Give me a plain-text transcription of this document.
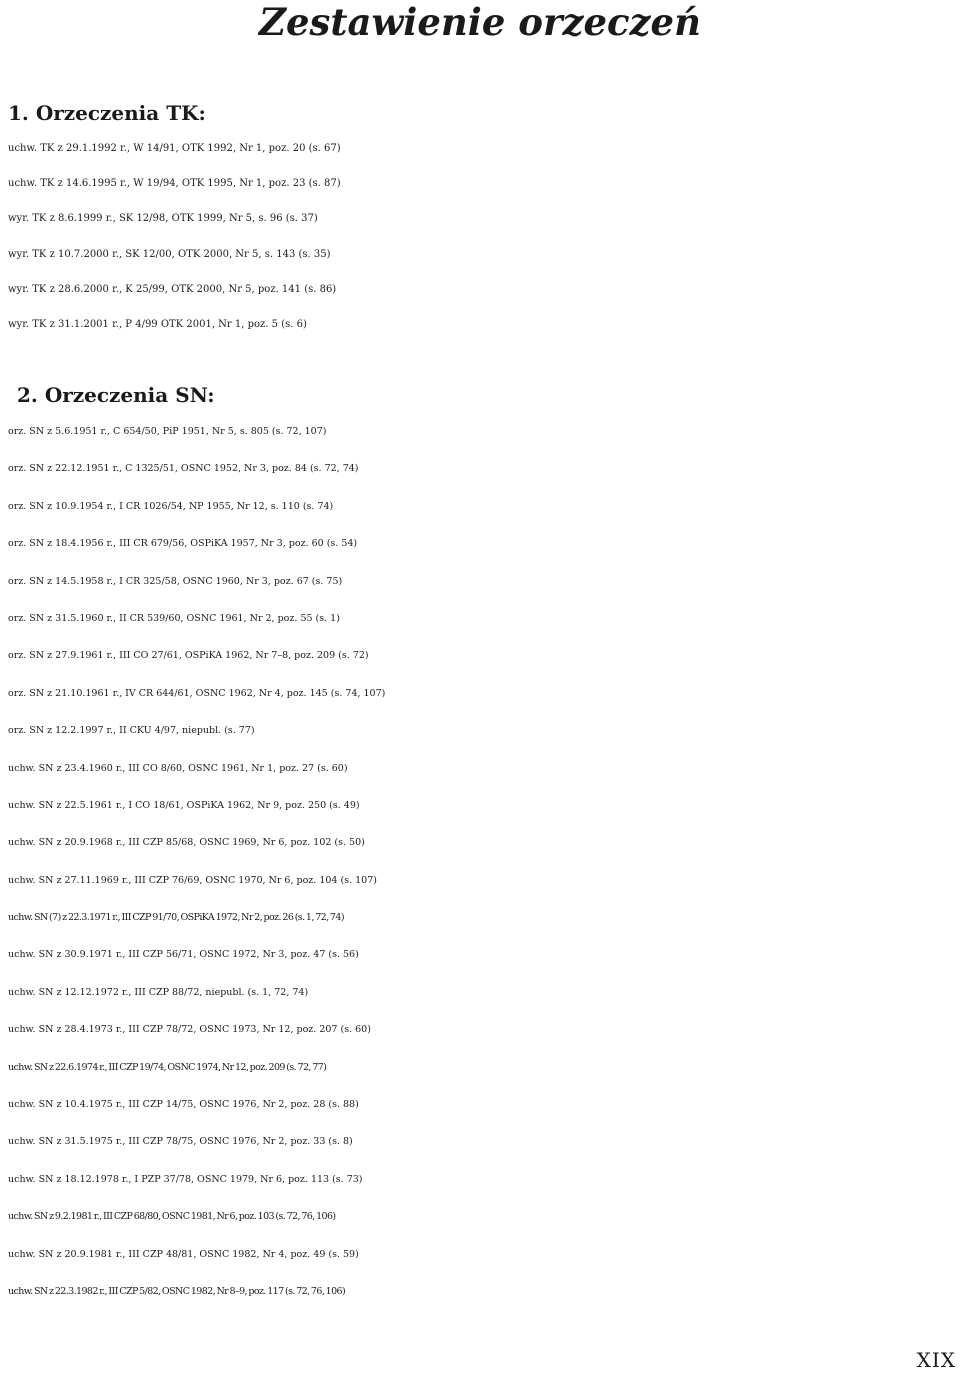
Zestawienie orzeczeń
1. Orzeczenia TK:
uchw. TK z 29.1.1992 r., W 14/91, OTK 1992, Nr 1, poz. 20 (s. 67)
uchw. TK z 14.6.1995 r., W 19/94, OTK 1995, Nr 1, poz. 23 (s. 87)
wyr. TK z 8.6.1999 r., SK 12/98, OTK 1999, Nr 5, s. 96 (s. 37)
wyr. TK z 10.7.2000 r., SK 12/00, OTK 2000, Nr 5, s. 143 (s. 35)
wyr. TK z 28.6.2000 r., K 25/99, OTK 2000, Nr 5, poz. 141 (s. 86)
wyr. TK z 31.1.2001 r., P 4/99 OTK 2001, Nr 1, poz. 5 (s. 6)
2. Orzeczenia SN:
orz. SN z 5.6.1951 r., C 654/50, PiP 1951, Nr 5, s. 805 (s. 72, 107)
orz. SN z 22.12.1951 r., C 1325/51, OSNC 1952, Nr 3, poz. 84 (s. 72, 74)
orz. SN z 10.9.1954 r., I CR 1026/54, NP 1955, Nr 12, s. 110 (s. 74)
orz. SN z 18.4.1956 r., III CR 679/56, OSPiKA 1957, Nr 3, poz. 60 (s. 54)
orz. SN z 14.5.1958 r., I CR 325/58, OSNC 1960, Nr 3, poz. 67 (s. 75)
orz. SN z 31.5.1960 r., II CR 539/60, OSNC 1961, Nr 2, poz. 55 (s. 1)
orz. SN z 27.9.1961 r., III CO 27/61, OSPiKA 1962, Nr 7–8, poz. 209 (s. 72)
orz. SN z 21.10.1961 r., IV CR 644/61, OSNC 1962, Nr 4, poz. 145 (s. 74, 107)
orz. SN z 12.2.1997 r., II CKU 4/97, niepubl. (s. 77)
uchw. SN z 23.4.1960 r., III CO 8/60, OSNC 1961, Nr 1, poz. 27 (s. 60)
uchw. SN z 22.5.1961 r., I CO 18/61, OSPiKA 1962, Nr 9, poz. 250 (s. 49)
uchw. SN z 20.9.1968 r., III CZP 85/68, OSNC 1969, Nr 6, poz. 102 (s. 50)
uchw. SN z 27.11.1969 r., III CZP 76/69, OSNC 1970, Nr 6, poz. 104 (s. 107)
uchw. SN (7) z 22.3.1971 r., III CZP 91/70, OSPiKA 1972, Nr 2, poz. 26 (s. 1, 72, 74)
uchw. SN z 30.9.1971 r., III CZP 56/71, OSNC 1972, Nr 3, poz. 47 (s. 56)
uchw. SN z 12.12.1972 r., III CZP 88/72, niepubl. (s. 1, 72, 74)
uchw. SN z 28.4.1973 r., III CZP 78/72, OSNC 1973, Nr 12, poz. 207 (s. 60)
uchw. SN z 22.6.1974 r., III CZP 19/74, OSNC 1974, Nr 12, poz. 209 (s. 72, 77)
uchw. SN z 10.4.1975 r., III CZP 14/75, OSNC 1976, Nr 2, poz. 28 (s. 88)
uchw. SN z 31.5.1975 r., III CZP 78/75, OSNC 1976, Nr 2, poz. 33 (s. 8)
uchw. SN z 18.12.1978 r., I PZP 37/78, OSNC 1979, Nr 6, poz. 113 (s. 73)
uchw. SN z 9.2.1981 r., III CZP 68/80, OSNC 1981, Nr 6, poz. 103 (s. 72, 76, 106)
uchw. SN z 20.9.1981 r., III CZP 48/81, OSNC 1982, Nr 4, poz. 49 (s. 59)
uchw. SN z 22.3.1982 r., III CZP 5/82, OSNC 1982, Nr 8–9, poz. 117 (s. 72, 76, 106)
XIX
